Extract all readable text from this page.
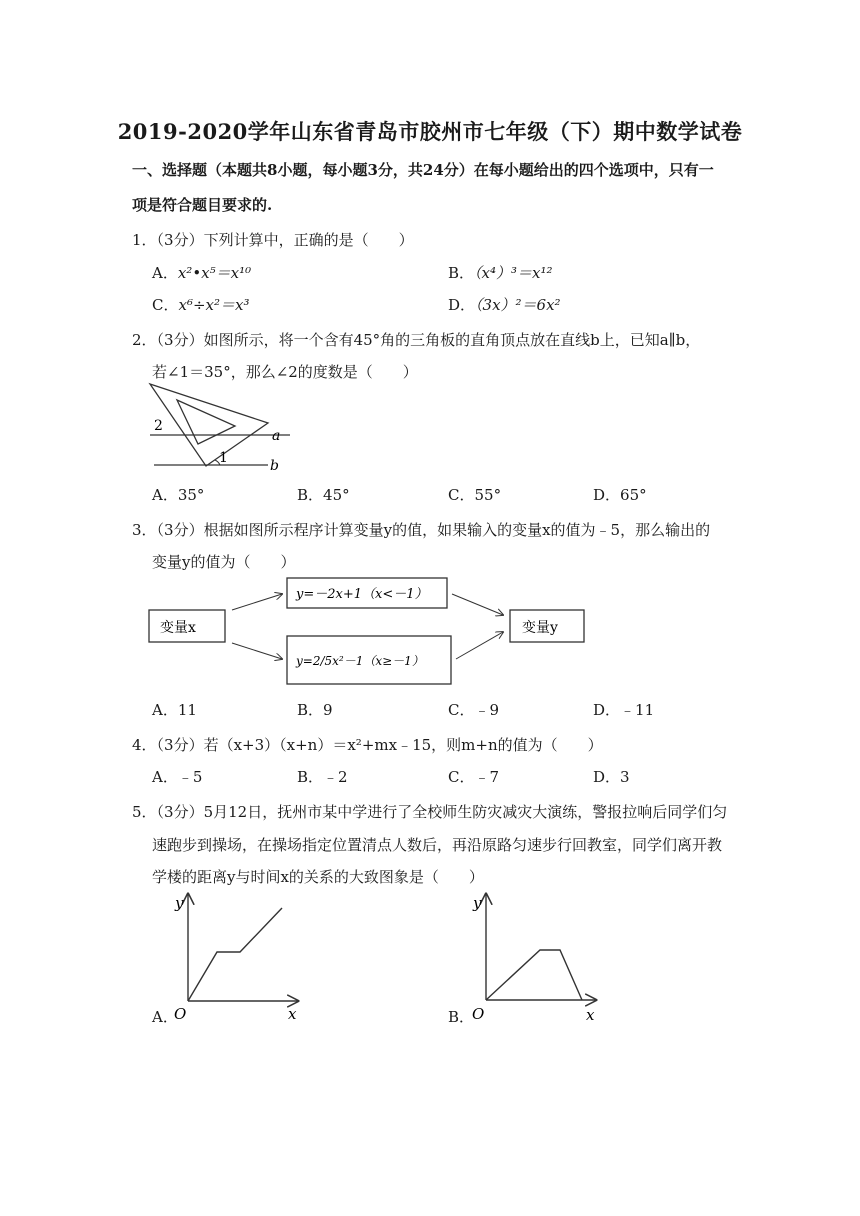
2019-2020学年山东省青岛市胶州市七年级（下）期中数学试卷
一、选择题（本题共8小题，每小题3分，共24分）在每小题给出的四个选项中，只有一
项是符合题目要求的.
1．（3分）下列计算中，正确的是（　　）
A．x²•x⁵＝x¹⁰	B．（x⁴）³＝x¹²
C．x⁶÷x²＝x³	D．（3x）²＝6x²
2．（3分）如图所示，将一个含有45°角的三角板的直角顶点放在直线b上，已知a∥b，
若∠1＝35°，那么∠2的度数是（　　）
2
1
a
b
A．35°	B．45°	C．55°	D．65°
3．（3分）根据如图所示程序计算变量y的值，如果输入的变量x的值为﹣5，那么输出的
变量y的值为（　　）
变量x
y=－2x+1（x<－1）
y=2/5x²－1（x≥－1）
变量y
A．11	B．9	C．﹣9	D．﹣11
4．（3分）若（x+3）（x+n）＝x²+mx﹣15，则m+n的值为（　　）
A．﹣5	B．﹣2	C．﹣7	D．3
5．（3分）5月12日，抚州市某中学进行了全校师生防灾减灾大演练，警报拉响后同学们匀
速跑步到操场，在操场指定位置清点人数后，再沿原路匀速步行回教室，同学们离开教
学楼的距离y与时间x的关系的大致图象是（　　）
y
x
O
A．
y
x
O
B．
